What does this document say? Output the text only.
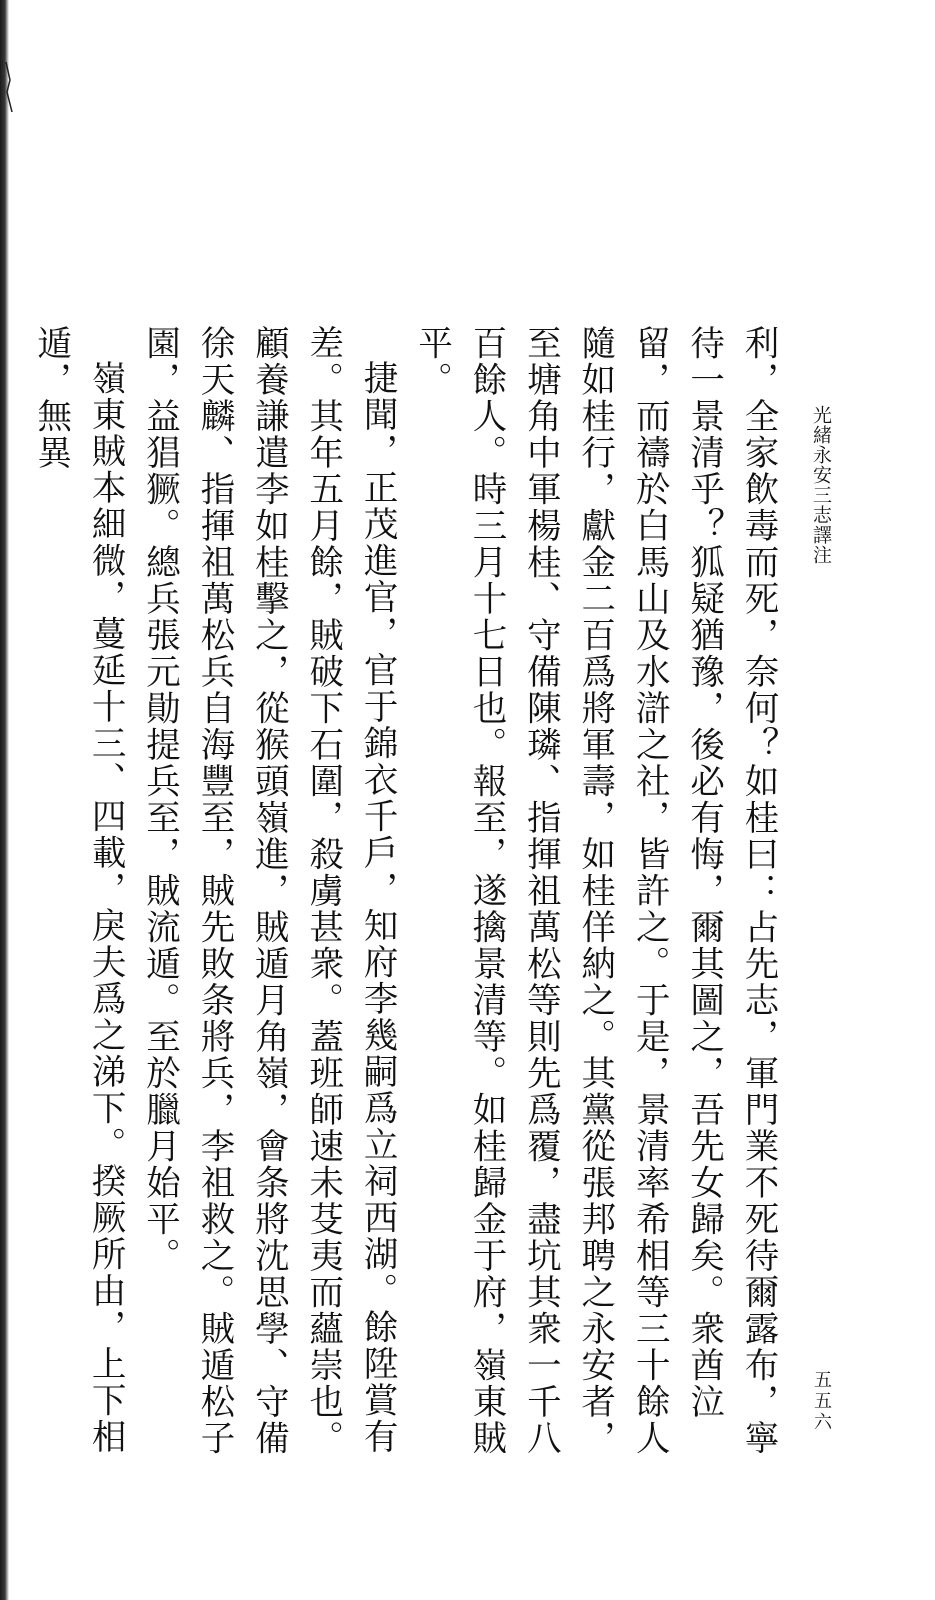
光緒永安三志譯注
五五六

利，全家飲毒而死，奈何？如桂曰：占先志，軍門業不死待爾露布，寧待一景清乎？狐疑猶豫，後必有悔，爾其圖之，吾先女歸矣。衆酋泣留，而禱於白馬山及水滸之社，皆許之。于是，景清率希相等三十餘人隨如桂行，獻金二百爲將軍壽，如桂佯納之。其黨從張邦聘之永安者，至塘角中軍楊桂、守備陳璘、指揮祖萬松等則先爲覆，盡坑其衆一千八百餘人。時三月十七日也。報至，遂擒景清等。如桂歸金于府，嶺東賊平。

捷聞，正茂進官，官于錦衣千戶，知府李幾嗣爲立祠西湖。餘陞賞有差。其年五月餘，賊破下石圍，殺虜甚衆。蓋班師速未芟夷而蘊崇也。顧養謙遣李如桂擊之，從猴頭嶺進，賊遁月角嶺，會条將沈思學、守備徐天麟、指揮祖萬松兵自海豐至，賊先敗条將兵，李祖救之。賊遁松子園，益猖獗。總兵張元勛提兵至，賊流遁。至於臘月始平。

嶺東賊本細微，蔓延十三、四載，戾夫爲之涕下。揆厥所由，上下相遁，無異
